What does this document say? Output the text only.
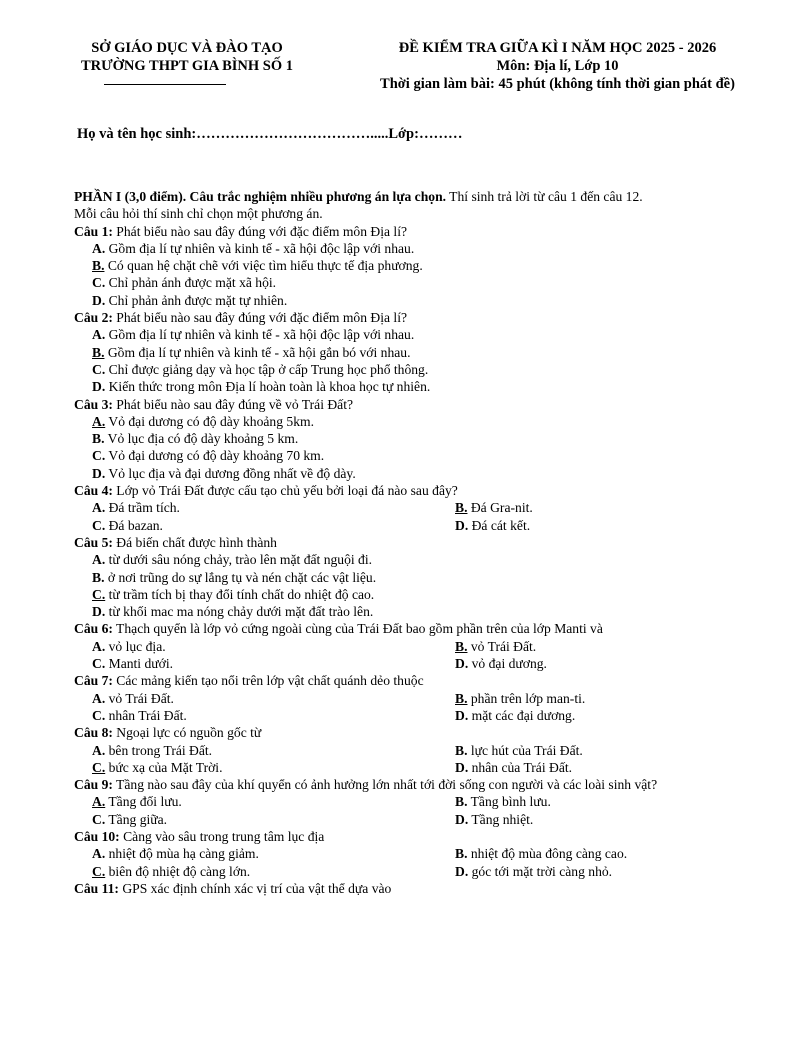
SỞ GIÁO DỤC VÀ ĐÀO TẠO
TRƯỜNG THPT GIA BÌNH SỐ 1
ĐỀ KIỂM TRA GIỮA KÌ I NĂM HỌC 2025 - 2026
Môn: Địa lí, Lớp 10
Thời gian làm bài: 45 phút (không tính thời gian phát đề)
Họ và tên học sinh:……………………………….....Lớp:………

PHẦN I (3,0 điểm). Câu trắc nghiệm nhiều phương án lựa chọn. Thí sinh trả lời từ câu 1 đến câu 12.

Mỗi câu hỏi thí sinh chỉ chọn một phương án.

Câu 1: Phát biểu nào sau đây đúng với đặc điểm môn Địa lí?

A. Gồm địa lí tự nhiên và kinh tế - xã hội độc lập với nhau.
B. Có quan hệ chặt chẽ với việc tìm hiểu thực tế địa phương.
C. Chỉ phản ánh được mặt xã hội.
D. Chỉ phản ảnh được mặt tự nhiên.

Câu 2: Phát biểu nào sau đây đúng với đặc điểm môn Địa lí?

A. Gồm địa lí tự nhiên và kinh tế - xã hội độc lập với nhau.
B. Gồm địa lí tự nhiên và kinh tế - xã hội gắn bó với nhau.
C. Chỉ được giảng dạy và học tập ở cấp Trung học phổ thông.
D. Kiến thức trong môn Địa lí hoàn toàn là khoa học tự nhiên.

Câu 3: Phát biểu nào sau đây đúng về vỏ Trái Đất?

A. Vỏ đại dương có độ dày khoảng 5km.
B. Vỏ lục địa có độ dày khoảng 5 km.
C. Vỏ đại dương có độ dày khoảng 70 km.
D. Vỏ lục địa và đại dương đồng nhất về độ dày.

Câu 4: Lớp vỏ Trái Đất được cấu tạo chủ yếu bởi loại đá nào sau đây?

A. Đá trầm tích.	B. Đá Gra-nit.
C. Đá bazan.	D. Đá cát kết.

Câu 5: Đá biến chất được hình thành

A. từ dưới sâu nóng chảy, trào lên mặt đất nguội đi.
B. ở nơi trũng do sự lắng tụ và nén chặt các vật liệu.
C. từ trầm tích bị thay đổi tính chất do nhiệt độ cao.
D. từ khối mac ma nóng chảy dưới mặt đất trào lên.

Câu 6: Thạch quyển là lớp vỏ cứng ngoài cùng của Trái Đất bao gồm phần trên của lớp Manti và

A. vỏ lục địa.	B. vỏ Trái Đất.
C. Manti dưới.	D. vỏ đại dương.

Câu 7: Các mảng kiến tạo nổi trên lớp vật chất quánh dẻo thuộc

A. vỏ Trái Đất.	B. phần trên lớp man-ti.
C. nhân Trái Đất.	D. mặt các đại dương.

Câu 8: Ngoại lực có nguồn gốc từ

A. bên trong Trái Đất.	B. lực hút của Trái Đất.
C. bức xạ của Mặt Trời.	D. nhân của Trái Đất.

Câu 9: Tầng nào sau đây của khí quyển có ảnh hưởng lớn nhất tới đời sống con người và các loài sinh vật?

A. Tầng đối lưu.	B. Tầng bình lưu.
C. Tầng giữa.	D. Tầng nhiệt.

Câu 10: Càng vào sâu trong trung tâm lục địa

A. nhiệt độ mùa hạ càng giảm.	B. nhiệt độ mùa đông càng cao.
C. biên độ nhiệt độ càng lớn.	D. góc tới mặt trời càng nhỏ.

Câu 11: GPS xác định chính xác vị trí của vật thể dựa vào
